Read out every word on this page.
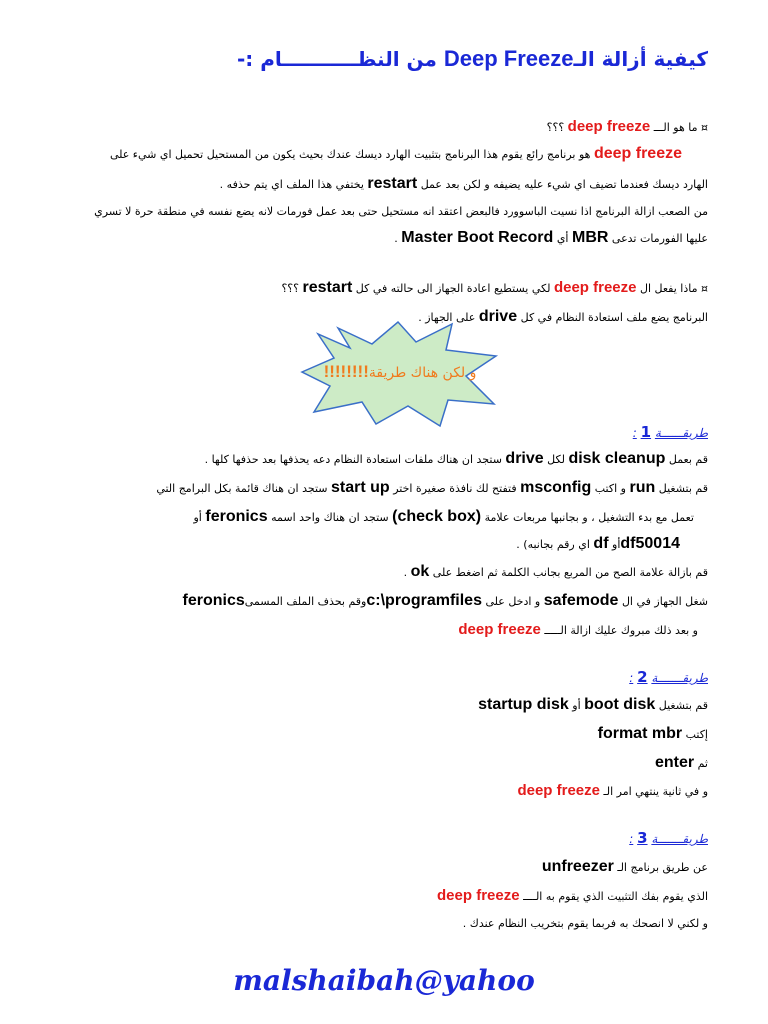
كيفية أزالة الـDeep Freeze من النظـــــــــــام :-
¤ ما هو الـــ deep freeze ؟؟؟
deep freeze هو برنامج رائع يقوم هذا البرنامج بتثبيت الهارد ديسك عندك بحيث يكون من المستحيل تحميل اي شيء على
الهارد ديسك فعندما تضيف اي شيء عليه يضيفه و لكن بعد عمل restart يختفي هذا الملف اي يتم حذفه .
من الصعب ازالة البرنامج اذا نسيت الباسوورد فالبعض اعتقد انه مستحيل حتى بعد عمل فورمات لانه يضع نفسه في منطقة حرة لا تسري
عليها الفورمات تدعى MBR أي Master Boot Record .
¤ ماذا يفعل ال deep freeze لكي يستطيع اعادة الجهاز الى حالته في كل restart ؟؟؟
البرنامج يضع ملف استعادة النظام في كل drive على الجهاز .
و لكن هناك طريقة!!!!!!!!
طريقــــــة 1 :
قم بعمل disk cleanup لكل drive ستجد ان هناك ملفات استعادة النظام دعه يحذفها بعد حذفها كلها .
قم بتشغيل run و اكتب msconfig فتفتح لك نافذة صغيرة اختر start up ستجد ان هناك قائمة بكل البرامج التي
تعمل مع بدء التشغيل ، و بجانبها مربعات علامة (check box) ستجد ان هناك واحد اسمه feronics أو
df50014أو df اي رقم بجانبه) .
قم بازالة علامة الصح من المربع بجانب الكلمة ثم اضغط على ok .
شغل الجهاز في ال safemode و ادخل على c:\programfilesوقم بحذف الملف المسمىferonics
و بعد ذلك مبروك عليك ازالة الـــــ deep freeze
طريقـــــــة 2 :
قم بتشغيل boot disk أو startup disk
إكتب format mbr
ثم enter
و في ثانية ينتهي امر الـ deep freeze
طريقـــــــة 3 :
عن طريق برنامج الـ unfreezer
الذي يقوم بفك التثبيت الذي يقوم به الــــ deep freeze
و لكني لا انصحك به فربما يقوم بتخريب النظام عندك .
malshaibah@yahoo
